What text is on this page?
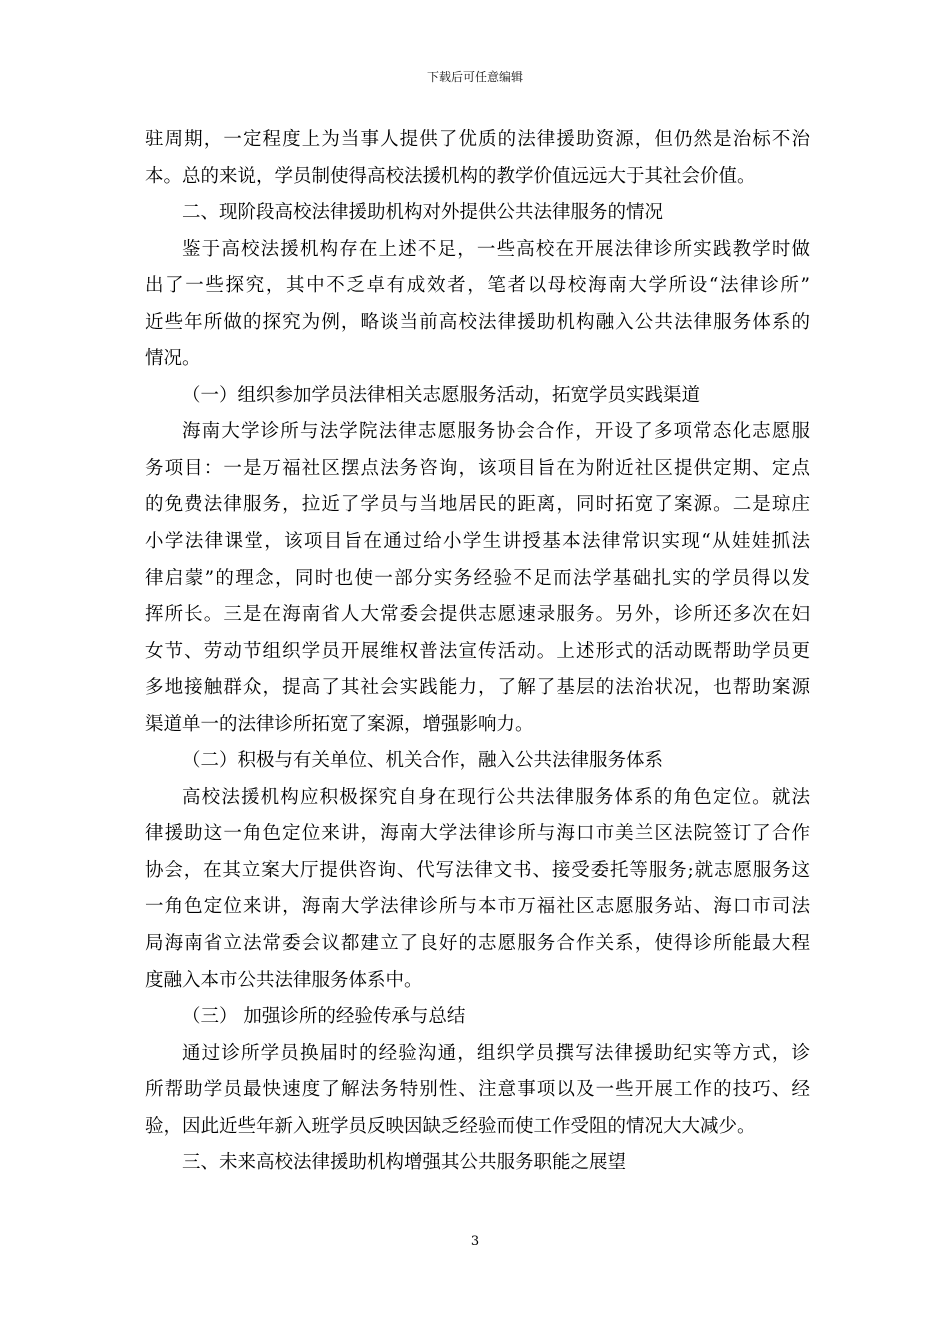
下载后可任意编辑
驻周期，一定程度上为当事人提供了优质的法律援助资源，但仍然是治标不治
本。总的来说，学员制使得高校法援机构的教学价值远远大于其社会价值。
二、现阶段高校法律援助机构对外提供公共法律服务的情况
鉴于高校法援机构存在上述不足，一些高校在开展法律诊所实践教学时做
出了一些探究，其中不乏卓有成效者，笔者以母校海南大学所设“法律诊所”
近些年所做的探究为例，略谈当前高校法律援助机构融入公共法律服务体系的
情况。
（一）组织参加学员法律相关志愿服务活动，拓宽学员实践渠道
海南大学诊所与法学院法律志愿服务协会合作，开设了多项常态化志愿服
务项目：一是万福社区摆点法务咨询，该项目旨在为附近社区提供定期、定点
的免费法律服务，拉近了学员与当地居民的距离，同时拓宽了案源。二是琼庄
小学法律课堂，该项目旨在通过给小学生讲授基本法律常识实现“从娃娃抓法
律启蒙”的理念，同时也使一部分实务经验不足而法学基础扎实的学员得以发
挥所长。三是在海南省人大常委会提供志愿速录服务。另外，诊所还多次在妇
女节、劳动节组织学员开展维权普法宣传活动。上述形式的活动既帮助学员更
多地接触群众，提高了其社会实践能力，了解了基层的法治状况，也帮助案源
渠道单一的法律诊所拓宽了案源，增强影响力。
（二）积极与有关单位、机关合作，融入公共法律服务体系
高校法援机构应积极探究自身在现行公共法律服务体系的角色定位。就法
律援助这一角色定位来讲，海南大学法律诊所与海口市美兰区法院签订了合作
协会，在其立案大厅提供咨询、代写法律文书、接受委托等服务;就志愿服务这
一角色定位来讲，海南大学法律诊所与本市万福社区志愿服务站、海口市司法
局海南省立法常委会议都建立了良好的志愿服务合作关系，使得诊所能最大程
度融入本市公共法律服务体系中。
（三） 加强诊所的经验传承与总结
通过诊所学员换届时的经验沟通，组织学员撰写法律援助纪实等方式，诊
所帮助学员最快速度了解法务特别性、注意事项以及一些开展工作的技巧、经
验，因此近些年新入班学员反映因缺乏经验而使工作受阻的情况大大减少。
三、未来高校法律援助机构增强其公共服务职能之展望
3
